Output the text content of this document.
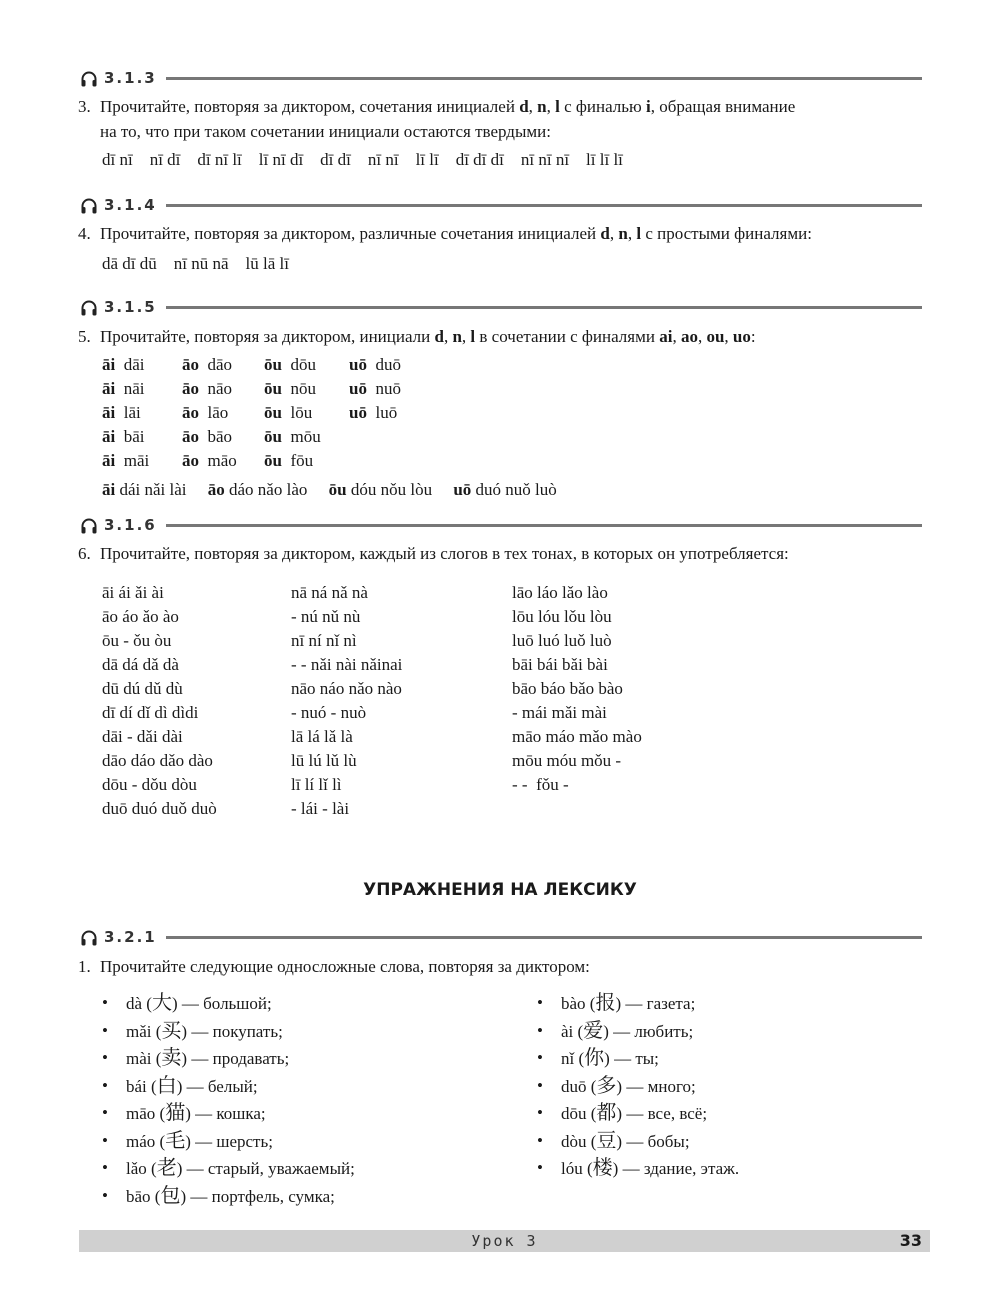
3.1.3
3. Прочитайте, повторяя за диктором, сочетания инициалей d, n, l с финалью i, обращая внимание
на то, что при таком сочетании инициали остаются твердыми:
dī nī    nī dī    dī nī lī    lī nī dī    dī dī    nī nī    lī lī    dī dī dī    nī nī nī    lī lī lī
3.1.4
4. Прочитайте, повторяя за диктором, различные сочетания инициалей d, n, l с простыми финалями:
dā dī dū    nī nū nā    lū lā lī
3.1.5
5. Прочитайте, повторяя за диктором, инициали d, n, l в сочетании с финалями ai, ao, ou, uo:
āi dāi
āi nāi
āi lāi
āi bāi
āi māi
āo dāo
āo nāo
āo lāo
āo bāo
āo māo
ōu dōu
ōu nōu
ōu lōu
ōu mōu
ōu fōu
uō duō
uō nuō
uō luō
āi dái nǎi lài āo dáo nǎo lào ōu dóu nǒu lòu uō duó nuǒ luò
3.1.6
6. Прочитайте, повторяя за диктором, каждый из слогов в тех тонах, в которых он употребляется:
āi ái ǎi ài
āo áo ǎo ào
ōu - ǒu òu
dā dá dǎ dà
dū dú dǔ dù
dī dí dǐ dì dìdi
dāi - dǎi dài
dāo dáo dǎo dào
dōu - dǒu dòu
duō duó duǒ duò
nā ná nǎ nà
- nú nǔ nù
nī ní nǐ nì
- - nǎi nài nǎinai
nāo náo nǎo nào
- nuó - nuò
lā lá lǎ là
lū lú lǔ lù
lī lí lǐ lì
- lái - lài
lāo láo lǎo lào
lōu lóu lǒu lòu
luō luó luǒ luò
bāi bái bǎi bài
bāo báo bǎo bào
- mái mǎi mài
māo máo mǎo mào
mōu móu mǒu -
- -  fǒu -
УПРАЖНЕНИЯ НА ЛЕКСИКУ
3.2.1
1. Прочитайте следующие односложные слова, повторяя за диктором:
• dà (大) — большой;
• mǎi (买) — покупать;
• mài (卖) — продавать;
• bái (白) — белый;
• māo (猫) — кошка;
• máo (毛) — шерсть;
• lǎo (老) — старый, уважаемый;
• bāo (包) — портфель, сумка;
• bào (报) — газета;
• ài (爱) — любить;
• nǐ (你) — ты;
• duō (多) — много;
• dōu (都) — все, всё;
• dòu (豆) — бобы;
• lóu (楼) — здание, этаж.
Урок 3	33
